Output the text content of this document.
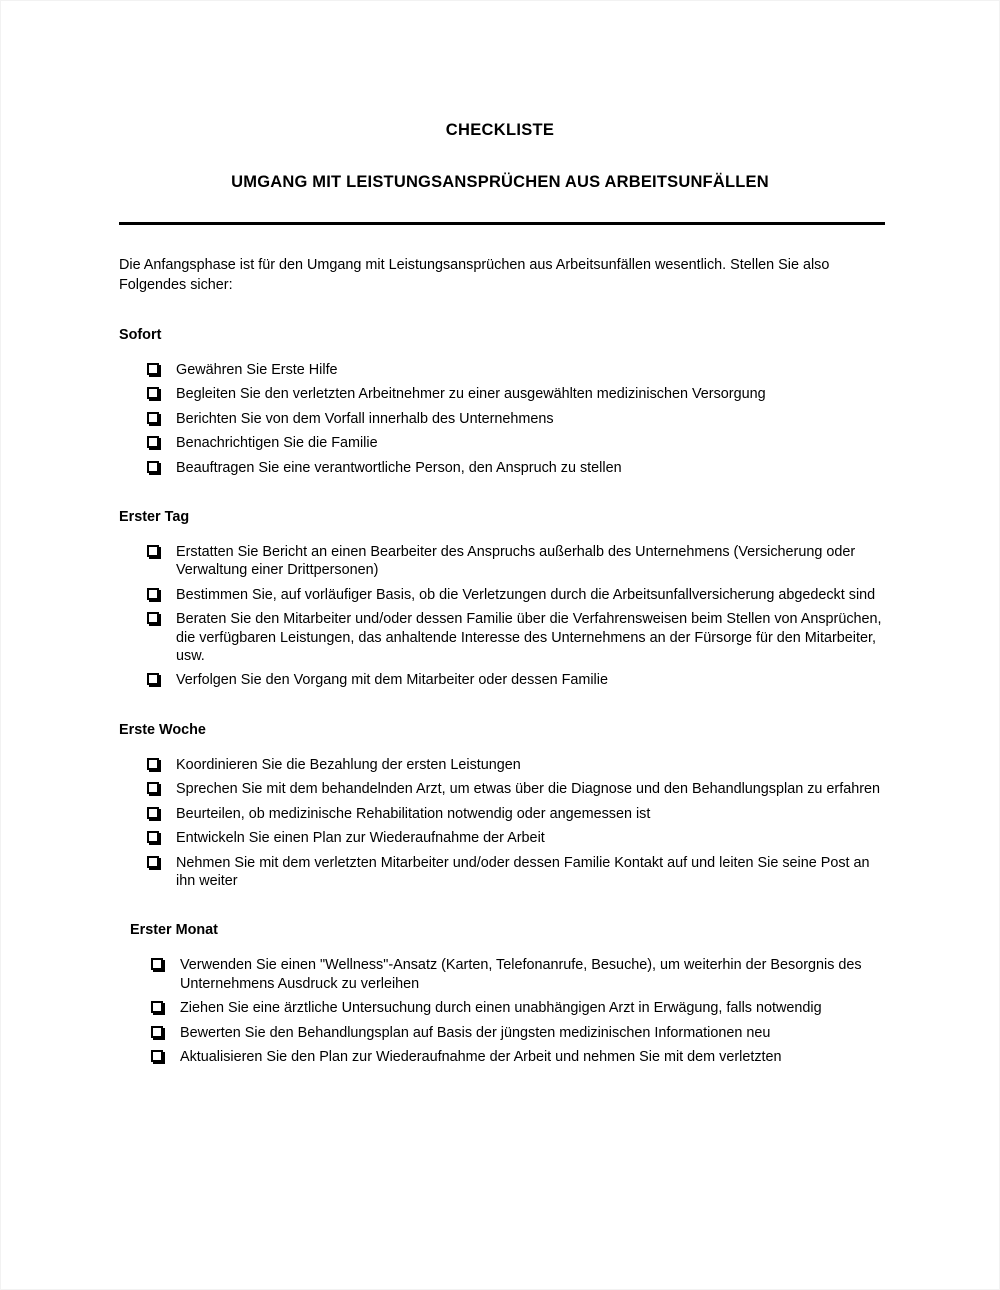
CHECKLISTE
UMGANG MIT LEISTUNGSANSPRÜCHEN AUS ARBEITSUNFÄLLEN

Die Anfangsphase ist für den Umgang mit Leistungsansprüchen aus Arbeitsunfällen wesentlich. Stellen Sie also Folgendes sicher:

Sofort
Gewähren Sie Erste Hilfe
Begleiten Sie den verletzten Arbeitnehmer zu einer ausgewählten medizinischen Versorgung
Berichten Sie von dem Vorfall innerhalb des Unternehmens
Benachrichtigen Sie die Familie
Beauftragen Sie eine verantwortliche Person, den Anspruch zu stellen
Erster Tag
Erstatten Sie Bericht an einen Bearbeiter des Anspruchs außerhalb des Unternehmens (Versicherung oder Verwaltung einer Drittpersonen)
Bestimmen Sie, auf vorläufiger Basis, ob die Verletzungen durch die Arbeitsunfallversicherung abgedeckt sind
Beraten Sie den Mitarbeiter und/oder dessen Familie über die Verfahrensweisen beim Stellen von Ansprüchen, die verfügbaren Leistungen, das anhaltende Interesse des Unternehmens an der Fürsorge für den Mitarbeiter, usw.
Verfolgen Sie den Vorgang mit dem Mitarbeiter oder dessen Familie
Erste Woche
Koordinieren Sie die Bezahlung der ersten Leistungen
Sprechen Sie mit dem behandelnden Arzt, um etwas über die Diagnose und den Behandlungsplan zu erfahren
Beurteilen, ob medizinische Rehabilitation notwendig oder angemessen ist
Entwickeln Sie einen Plan zur Wiederaufnahme der Arbeit
Nehmen Sie mit dem verletzten Mitarbeiter und/oder dessen Familie Kontakt auf und leiten Sie seine Post an ihn weiter
Erster Monat
Verwenden Sie einen "Wellness"-Ansatz (Karten, Telefonanrufe, Besuche), um weiterhin der Besorgnis des Unternehmens Ausdruck zu verleihen
Ziehen Sie eine ärztliche Untersuchung durch einen unabhängigen Arzt in Erwägung, falls notwendig
Bewerten Sie den Behandlungsplan auf Basis der jüngsten medizinischen Informationen neu
Aktualisieren Sie den Plan zur Wiederaufnahme der Arbeit und nehmen Sie mit dem verletzten
